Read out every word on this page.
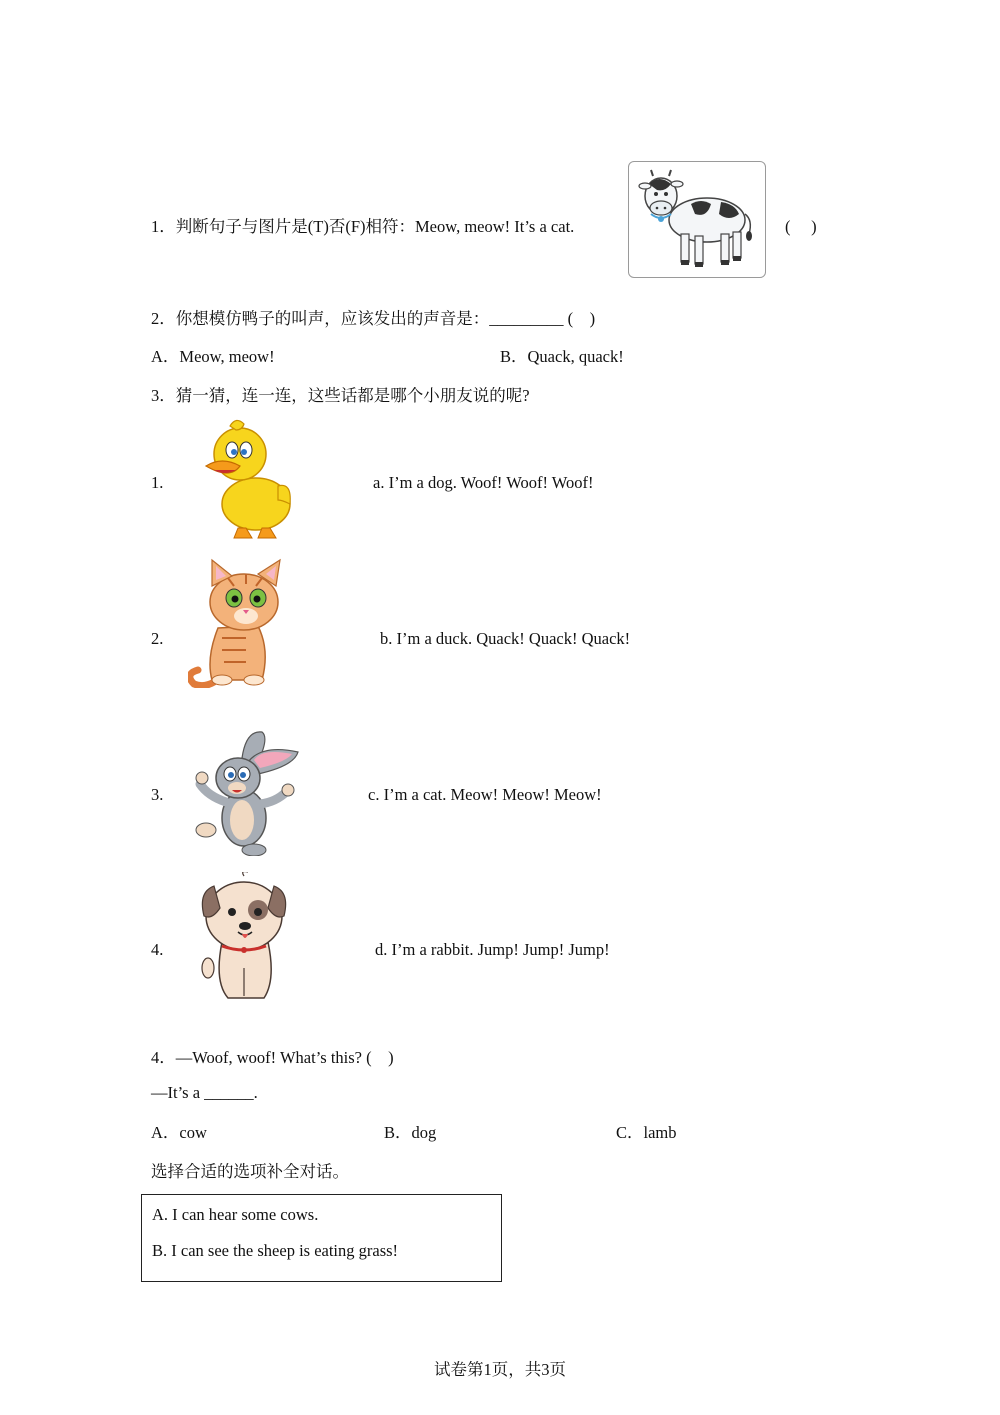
1．判断句子与图片是(T)否(F)相符：Meow, meow! It’s a cat.	(　 )
2．你想模仿鸭子的叫声，应该发出的声音是：_________ (　)
A．Meow, meow!	B．Quack, quack!
3．猜一猜，连一连，这些话都是哪个小朋友说的呢?
1.	a. I’m a dog. Woof! Woof! Woof!
2.	b. I’m a duck. Quack! Quack! Quack!
3.	c. I’m a cat. Meow! Meow! Meow!
4.	d. I’m a rabbit. Jump! Jump! Jump!
4．—Woof, woof! What’s this? (　)
—It’s a ______.
A．cow	B．dog	C．lamb
选择合适的选项补全对话。
A. I can hear some cows.
B. I can see the sheep is eating grass!
试卷第1页，共3页
